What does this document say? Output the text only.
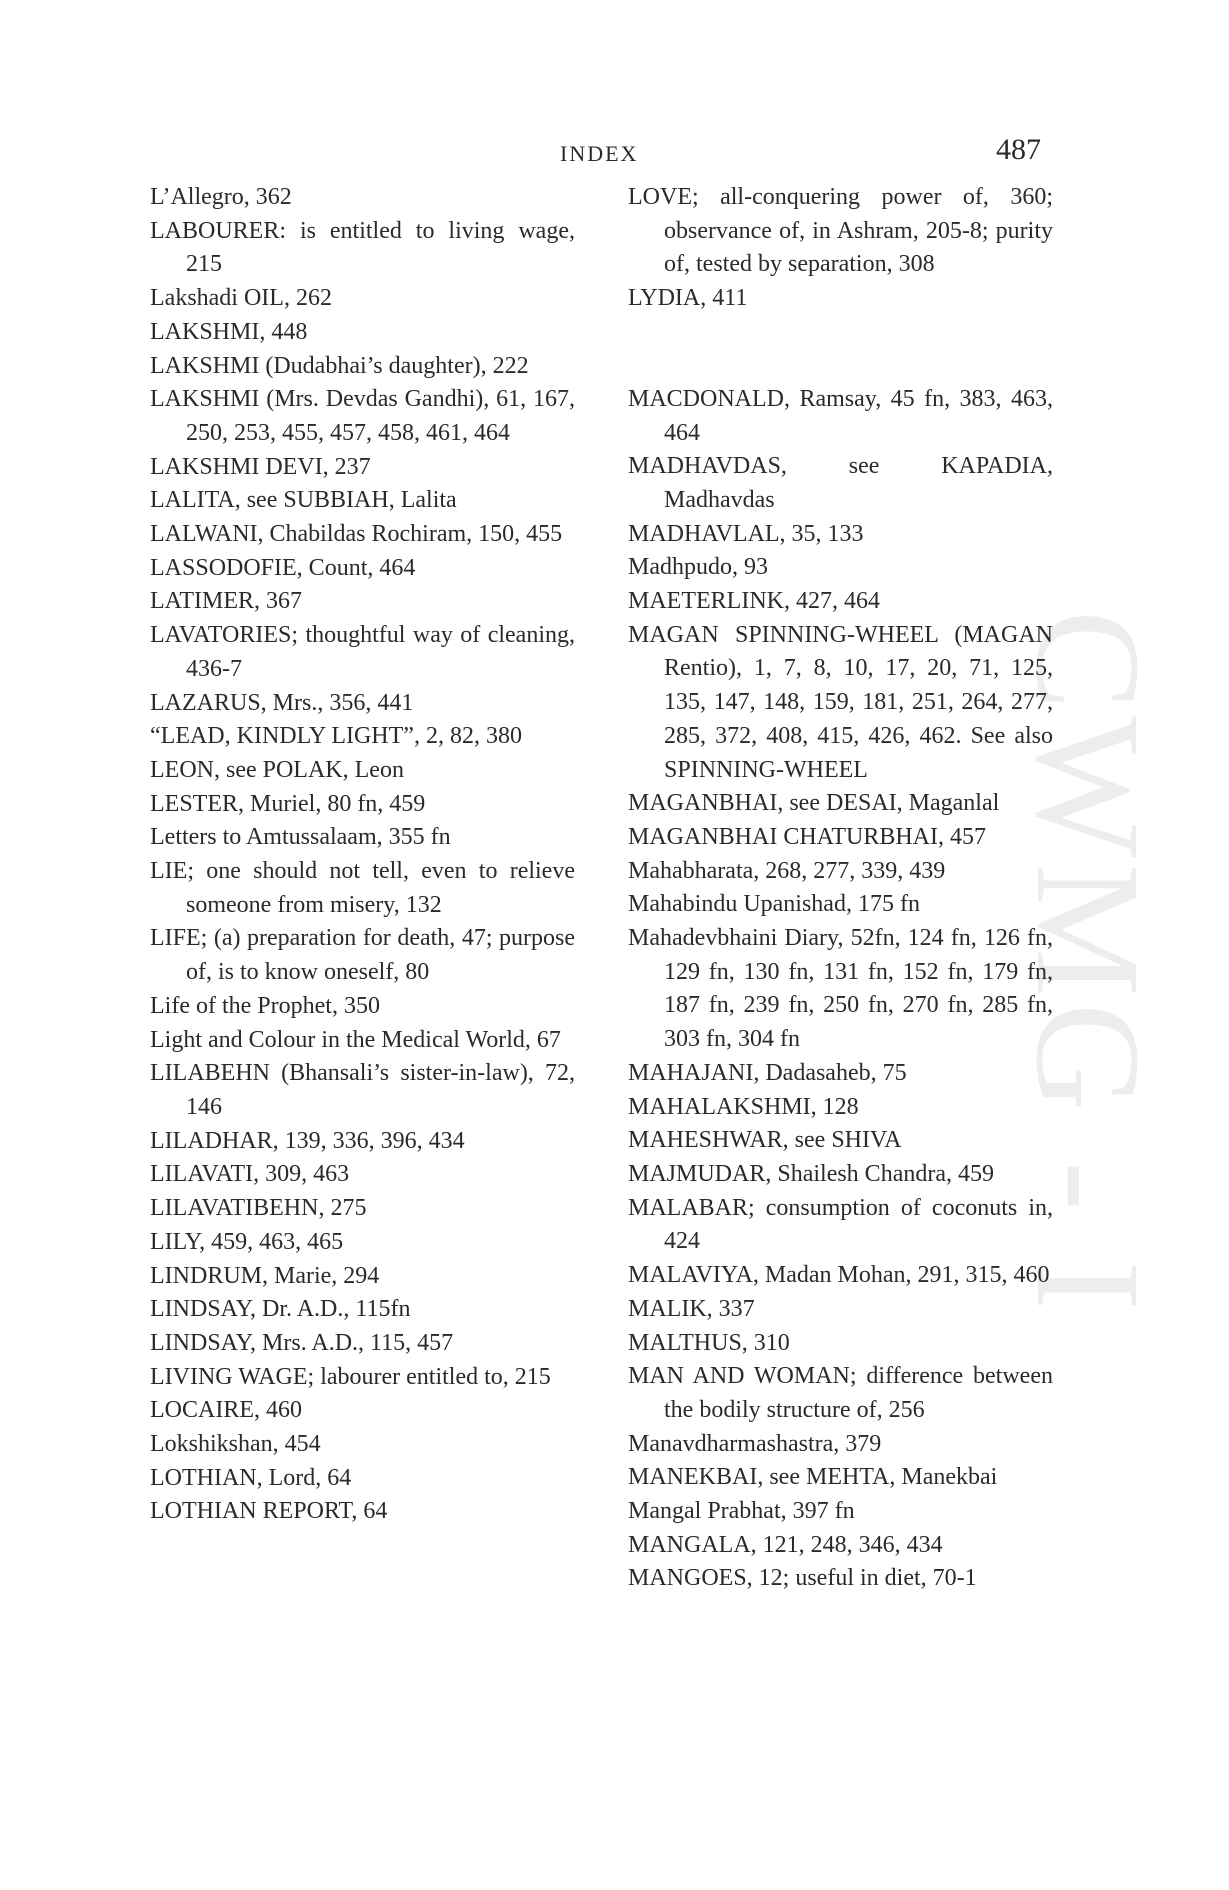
CWMG - I
INDEX	487
L’Allegro, 362
LABOURER: is entitled to living wage, 215
Lakshadi OIL, 262
LAKSHMI, 448
LAKSHMI (Dudabhai’s daughter), 222
LAKSHMI (Mrs. Devdas Gandhi), 61, 167, 250, 253, 455, 457, 458, 461, 464
LAKSHMI DEVI, 237
LALITA, see SUBBIAH, Lalita
LALWANI, Chabildas Rochiram, 150, 455
LASSODOFIE, Count, 464
LATIMER, 367
LAVATORIES; thoughtful way of cleaning, 436-7
LAZARUS, Mrs., 356, 441
“LEAD, KINDLY LIGHT”, 2, 82, 380
LEON, see POLAK, Leon
LESTER, Muriel, 80 fn, 459
Letters to Amtussalaam, 355 fn
LIE; one should not tell, even to relieve someone from misery, 132
LIFE; (a) preparation for death, 47; purpose of, is to know oneself, 80
Life of the Prophet, 350
Light and Colour in the Medical World, 67
LILABEHN (Bhansali’s sister-in-law), 72, 146
LILADHAR, 139, 336, 396, 434
LILAVATI, 309, 463
LILAVATIBEHN, 275
LILY, 459, 463, 465
LINDRUM, Marie, 294
LINDSAY, Dr. A.D., 115fn
LINDSAY, Mrs. A.D., 115, 457
LIVING WAGE; labourer entitled to, 215
LOCAIRE, 460
Lokshikshan, 454
LOTHIAN, Lord, 64
LOTHIAN REPORT, 64
LOVE; all-conquering power of, 360; observance of, in Ashram, 205-8; purity of, tested by separation, 308
LYDIA, 411
MACDONALD, Ramsay, 45 fn, 383, 463, 464
MADHAVDAS, see KAPADIA, Madhavdas
MADHAVLAL, 35, 133
Madhpudo, 93
MAETERLINK, 427, 464
MAGAN SPINNING-WHEEL (MAGAN Rentio), 1, 7, 8, 10, 17, 20, 71, 125, 135, 147, 148, 159, 181, 251, 264, 277, 285, 372, 408, 415, 426, 462. See also SPINNING-WHEEL
MAGANBHAI, see DESAI, Maganlal
MAGANBHAI CHATURBHAI, 457
Mahabharata, 268, 277, 339, 439
Mahabindu Upanishad, 175 fn
Mahadevbhaini Diary, 52fn, 124 fn, 126 fn, 129 fn, 130 fn, 131 fn, 152 fn, 179 fn, 187 fn, 239 fn, 250 fn, 270 fn, 285 fn, 303 fn, 304 fn
MAHAJANI, Dadasaheb, 75
MAHALAKSHMI, 128
MAHESHWAR, see SHIVA
MAJMUDAR, Shailesh Chandra, 459
MALABAR; consumption of coconuts in, 424
MALAVIYA, Madan Mohan, 291, 315, 460
MALIK, 337
MALTHUS, 310
MAN AND WOMAN; difference between the bodily structure of, 256
Manavdharmashastra, 379
MANEKBAI, see MEHTA, Manekbai
Mangal Prabhat, 397 fn
MANGALA, 121, 248, 346, 434
MANGOES, 12; useful in diet, 70-1
